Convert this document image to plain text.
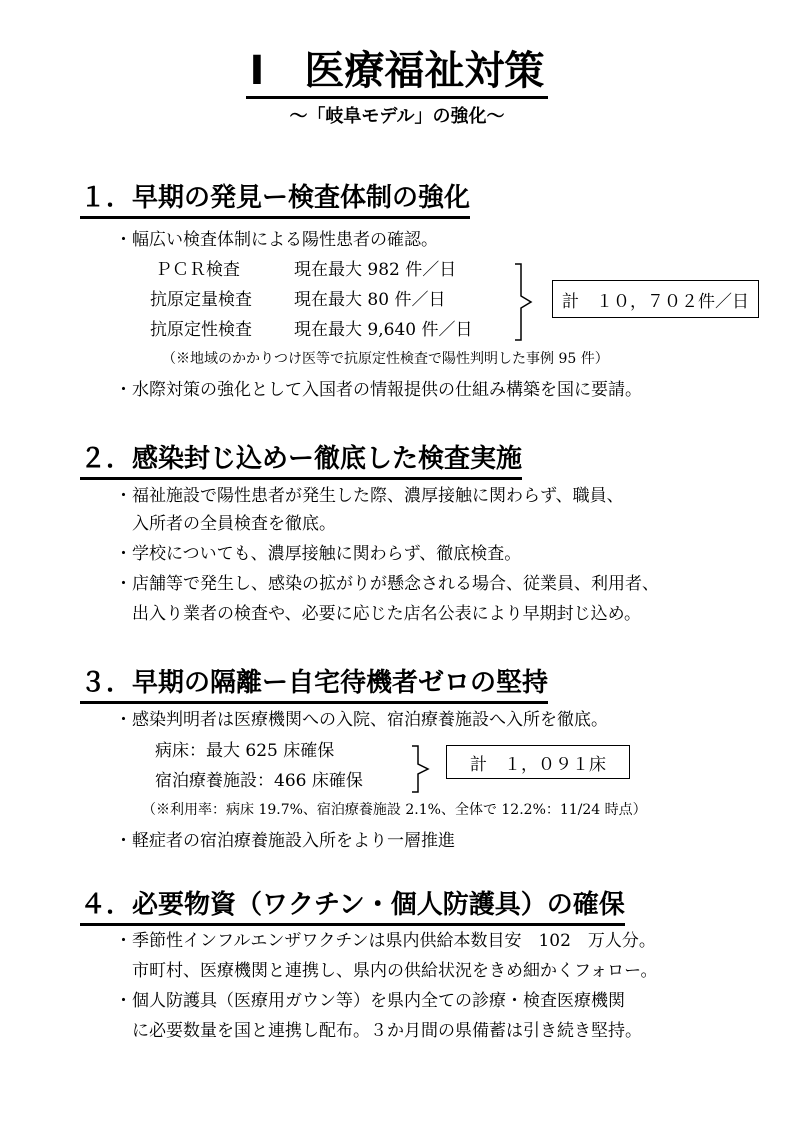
Ⅰ　医療福祉対策
～「岐阜モデル」の強化～
１．早期の発見ー検査体制の強化
・幅広い検査体制による陽性患者の確認。
ＰＣＲ検査	現在最大 982 件／日
抗原定量検査 現在最大 80 件／日
抗原定性検査 現在最大 9,640 件／日
計　１０，７０２件／日
（※地域のかかりつけ医等で抗原定性検査で陽性判明した事例 95 件）
・水際対策の強化として入国者の情報提供の仕組み構築を国に要請。
２．感染封じ込めー徹底した検査実施
・福祉施設で陽性患者が発生した際、濃厚接触に関わらず、職員、
　入所者の全員検査を徹底。
・学校についても、濃厚接触に関わらず、徹底検査。
・店舗等で発生し、感染の拡がりが懸念される場合、従業員、利用者、
　出入り業者の検査や、必要に応じた店名公表により早期封じ込め。
３．早期の隔離ー自宅待機者ゼロの堅持
・感染判明者は医療機関への入院、宿泊療養施設へ入所を徹底。
病床：最大 625 床確保
宿泊療養施設：466 床確保
計　１，０９１床
（※利用率：病床 19.7%、宿泊療養施設 2.1%、全体で 12.2%：11/24 時点）
・軽症者の宿泊療養施設入所をより一層推進
４．必要物資（ワクチン・個人防護具）の確保
・季節性インフルエンザワクチンは県内供給本数目安　102　万人分。
　市町村、医療機関と連携し、県内の供給状況をきめ細かくフォロー。
・個人防護具（医療用ガウン等）を県内全ての診療・検査医療機関
　に必要数量を国と連携し配布。３か月間の県備蓄は引き続き堅持。
